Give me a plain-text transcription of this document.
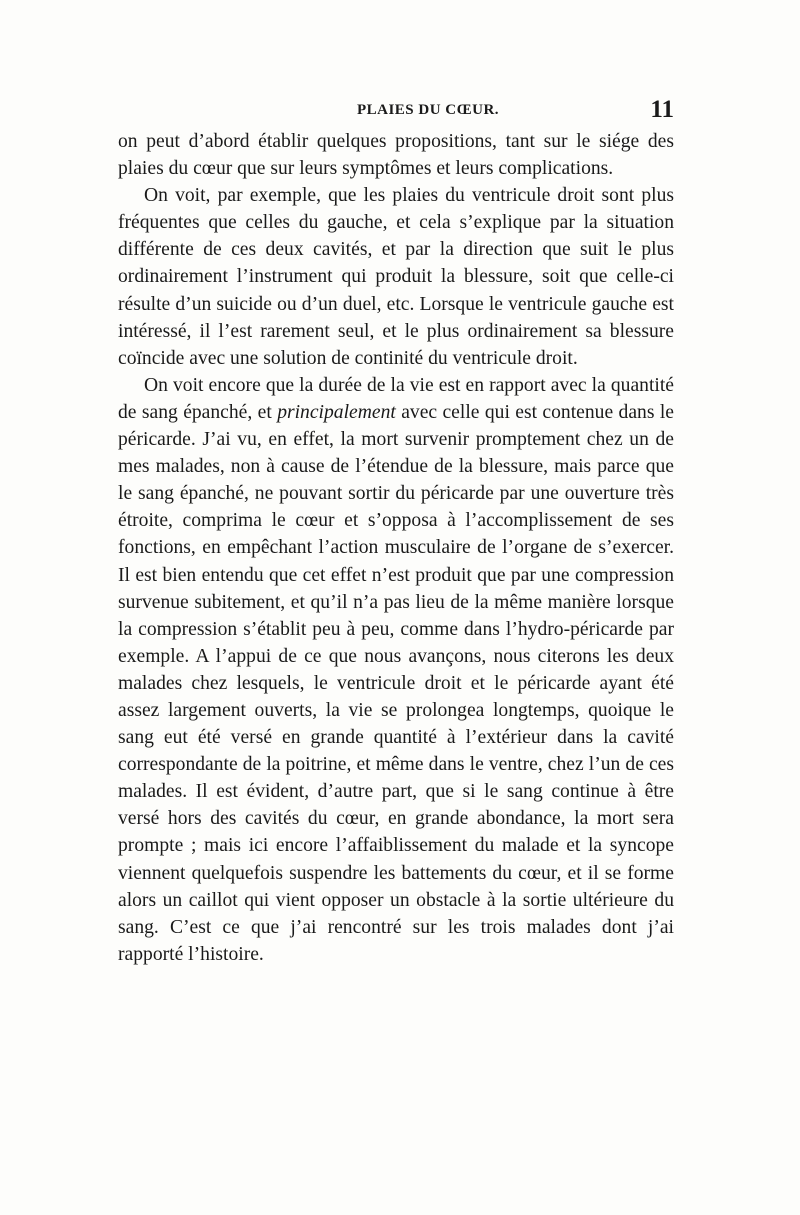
PLAIES DU CŒUR.	11

on peut d’abord établir quelques propositions, tant sur le siége des plaies du cœur que sur leurs symptômes et leurs complications.

On voit, par exemple, que les plaies du ventricule droit sont plus fréquentes que celles du gauche, et cela s’explique par la situation différente de ces deux cavités, et par la direction que suit le plus ordinairement l’instrument qui produit la blessure, soit que celle-ci résulte d’un suicide ou d’un duel, etc. Lorsque le ventricule gauche est intéressé, il l’est rarement seul, et le plus ordinairement sa blessure coïncide avec une solution de continité du ventricule droit.

On voit encore que la durée de la vie est en rapport avec la quantité de sang épanché, et principalement avec celle qui est contenue dans le péricarde. J’ai vu, en effet, la mort survenir promptement chez un de mes malades, non à cause de l’étendue de la blessure, mais parce que le sang épanché, ne pouvant sortir du péricarde par une ouverture très étroite, comprima le cœur et s’opposa à l’accomplissement de ses fonctions, en empêchant l’action musculaire de l’organe de s’exercer. Il est bien entendu que cet effet n’est produit que par une compression survenue subitement, et qu’il n’a pas lieu de la même manière lorsque la compression s’établit peu à peu, comme dans l’hydro-péricarde par exemple. A l’appui de ce que nous avançons, nous citerons les deux malades chez lesquels, le ventricule droit et le péricarde ayant été assez largement ouverts, la vie se prolongea longtemps, quoique le sang eut été versé en grande quantité à l’extérieur dans la cavité correspondante de la poitrine, et même dans le ventre, chez l’un de ces malades. Il est évident, d’autre part, que si le sang continue à être versé hors des cavités du cœur, en grande abondance, la mort sera prompte ; mais ici encore l’affaiblissement du malade et la syncope viennent quelquefois suspendre les battements du cœur, et il se forme alors un caillot qui vient opposer un obstacle à la sortie ultérieure du sang. C’est ce que j’ai rencontré sur les trois malades dont j’ai rapporté l’histoire.
